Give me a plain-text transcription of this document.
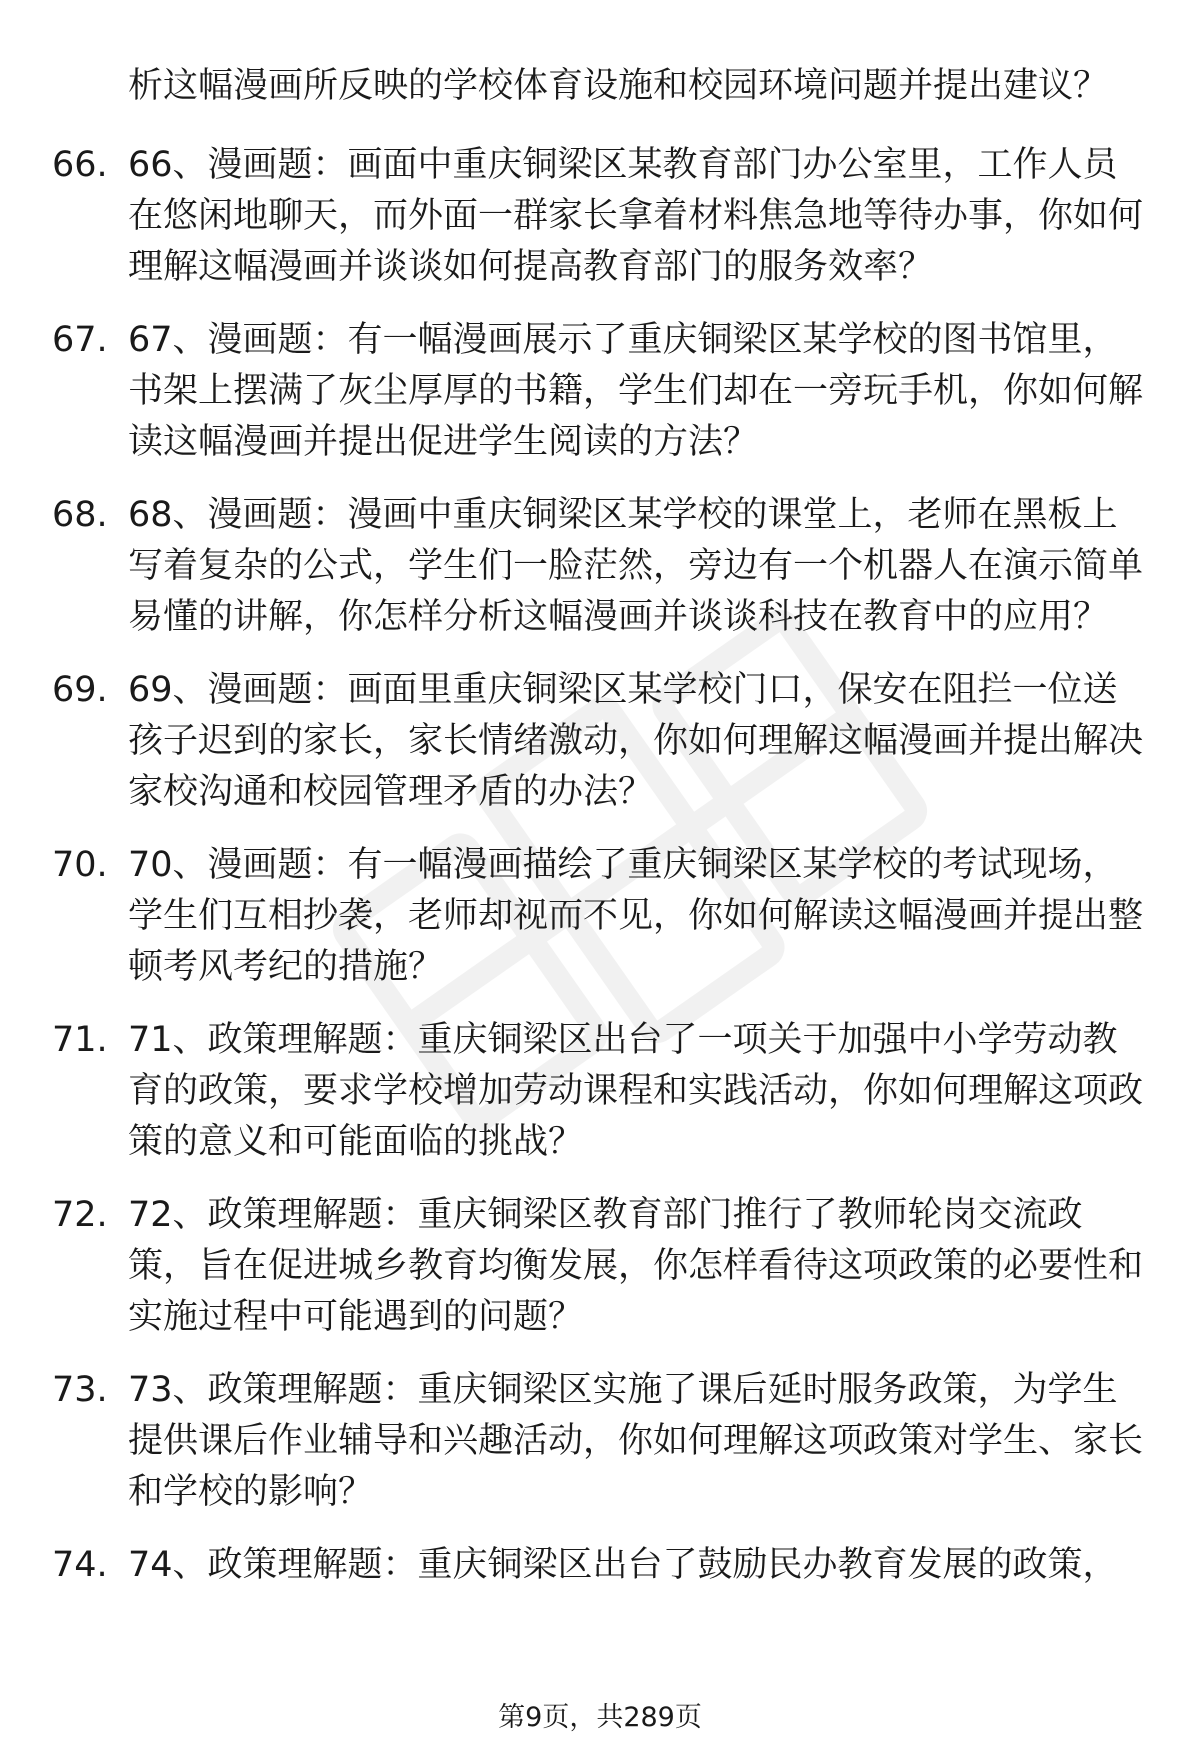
析这幅漫画所反映的学校体育设施和校园环境问题并提出建议？
66. 66、漫画题：画面中重庆铜梁区某教育部门办公室里，工作人员在悠闲地聊天，而外面一群家长拿着材料焦急地等待办事，你如何理解这幅漫画并谈谈如何提高教育部门的服务效率？
67. 67、漫画题：有一幅漫画展示了重庆铜梁区某学校的图书馆里，书架上摆满了灰尘厚厚的书籍，学生们却在一旁玩手机，你如何解读这幅漫画并提出促进学生阅读的方法？
68. 68、漫画题：漫画中重庆铜梁区某学校的课堂上，老师在黑板上写着复杂的公式，学生们一脸茫然，旁边有一个机器人在演示简单易懂的讲解，你怎样分析这幅漫画并谈谈科技在教育中的应用？
69. 69、漫画题：画面里重庆铜梁区某学校门口，保安在阻拦一位送孩子迟到的家长，家长情绪激动，你如何理解这幅漫画并提出解决家校沟通和校园管理矛盾的办法？
70. 70、漫画题：有一幅漫画描绘了重庆铜梁区某学校的考试现场，学生们互相抄袭，老师却视而不见，你如何解读这幅漫画并提出整顿考风考纪的措施？
71. 71、政策理解题：重庆铜梁区出台了一项关于加强中小学劳动教育的政策，要求学校增加劳动课程和实践活动，你如何理解这项政策的意义和可能面临的挑战？
72. 72、政策理解题：重庆铜梁区教育部门推行了教师轮岗交流政策，旨在促进城乡教育均衡发展，你怎样看待这项政策的必要性和实施过程中可能遇到的问题？
73. 73、政策理解题：重庆铜梁区实施了课后延时服务政策，为学生提供课后作业辅导和兴趣活动，你如何理解这项政策对学生、家长和学校的影响？
74. 74、政策理解题：重庆铜梁区出台了鼓励民办教育发展的政策，
第9页，共289页
